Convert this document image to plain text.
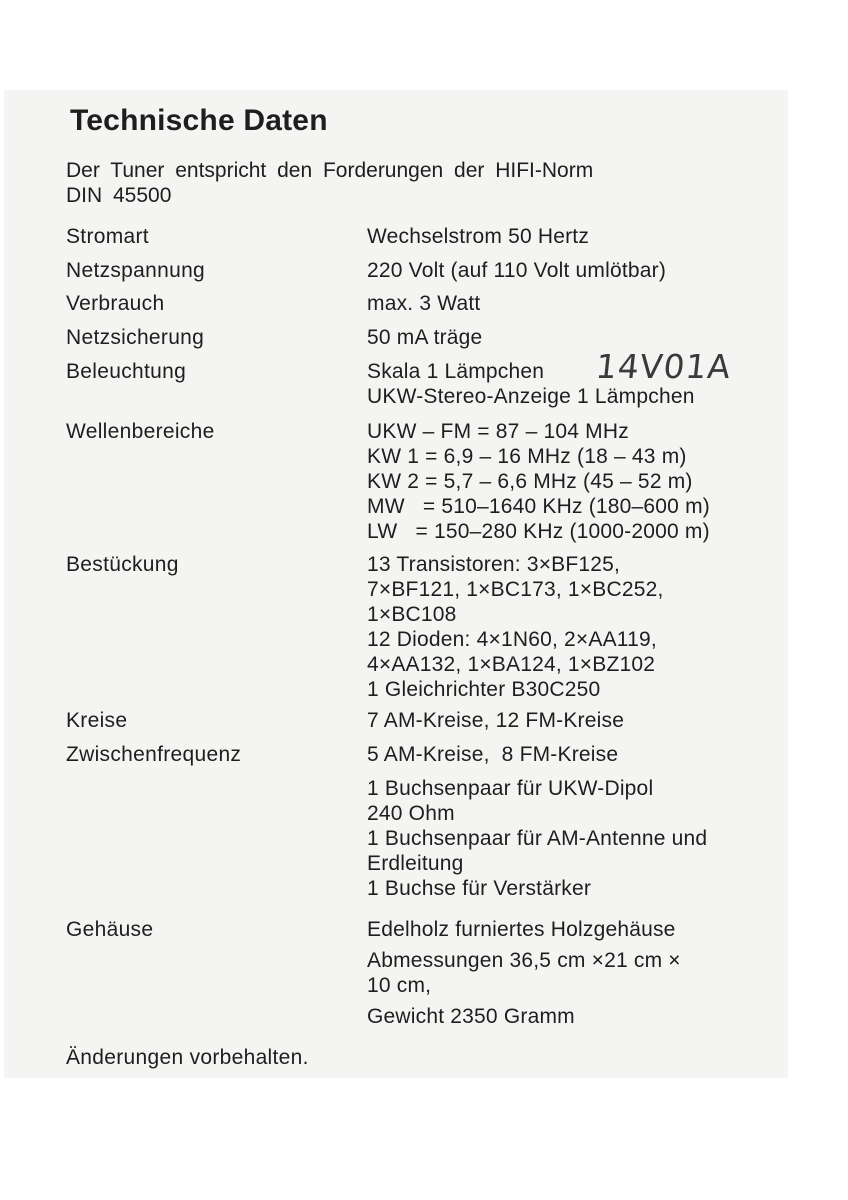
Technische Daten
Der Tuner entspricht den Forderungen der HIFI-Norm
DIN 45500
Stromart	Wechselstrom 50 Hertz
Netzspannung	220 Volt (auf 110 Volt umlötbar)
Verbrauch	max. 3 Watt
Netzsicherung	50 mA träge
Beleuchtung	Skala 1 Lämpchen
UKW-Stereo-Anzeige 1 Lämpchen
14V01A
Wellenbereiche	UKW – FM = 87 – 104 MHz
KW 1 = 6,9 – 16 MHz (18 – 43 m)
KW 2 = 5,7 – 6,6 MHz (45 – 52 m)
MW   = 510–1640 KHz (180–600 m)
LW   = 150–280 KHz (1000-2000 m)
Bestückung	13 Transistoren: 3×BF125,
7×BF121, 1×BC173, 1×BC252,
1×BC108
12 Dioden: 4×1N60, 2×AA119,
4×AA132, 1×BA124, 1×BZ102
1 Gleichrichter B30C250
Kreise	7 AM-Kreise, 12 FM-Kreise
Zwischenfrequenz	5 AM-Kreise,  8 FM-Kreise
1 Buchsenpaar für UKW-Dipol
240 Ohm
1 Buchsenpaar für AM-Antenne und
Erdleitung
1 Buchse für Verstärker
Gehäuse	Edelholz furniertes Holzgehäuse
Abmessungen 36,5 cm ×21 cm ×
10 cm,
Gewicht 2350 Gramm
Änderungen vorbehalten.
